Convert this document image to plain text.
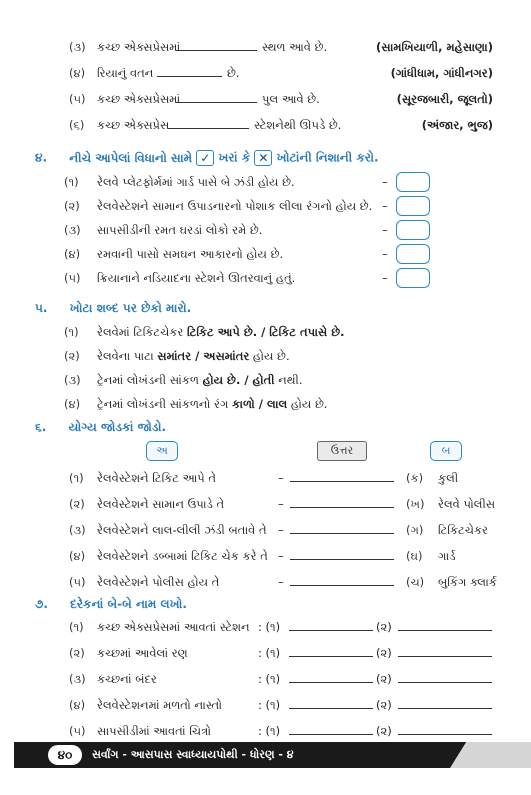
(૩) કચ્છ એક્સપ્રેસમાં	સ્થળ આવે છે.	(સામખિયાળી, મહેસાણા)
(૪) રિયાનું વતન	છે.	(ગાંધીધામ, ગાંધીનગર)
(૫) કચ્છ એક્સપ્રેસમાં	પુલ આવે છે.	(સૂરજબારી, જૂલતો)
(૬) કચ્છ એક્સપ્રેસ	સ્ટેશનેથી ઊપડે છે.	(અંજાર, ભુજ)
૪. નીચે આપેલાં વિધાનો સામે ✓ ખરાં કે ✕ ખોટાંની નિશાની કરો.
(૧) રેલવે પ્લેટફોર્મમાં ગાર્ડ પાસે બે ઝંડી હોય છે.	–
(૨) રેલવેસ્ટેશને સામાન ઉપાડનારનો પોશાક લીલા રંગનો હોય છે. –
(૩) સાપસીડીની રમત ઘરડાં લોકો રમે છે.	–
(૪) રમવાની પાસો સમઘન આકારનો હોય છે.	–
(૫) ક્રિયાનાને નડિયાદના સ્ટેશને ઊતરવાનું હતું.	–
૫. ખોટા શબ્દ પર છેકો મારો.
(૧) રેલવેમાં ટિકિટચેકર ટિકિટ આપે છે. / ટિકિટ તપાસે છે.
(૨) રેલવેના પાટા સમાંતર / અસમાંતર હોય છે.
(૩) ટ્રેનમાં લોખંડની સાંકળ હોય છે. / હોતી નથી.
(૪) ટ્રેનમાં લોખંડની સાંકળનો રંગ કાળો / લાલ હોય છે.
૬. યોગ્ય જોડકાં જોડો.
અ	ઉત્તર	બ
(૧) રેલવેસ્ટેશને ટિકિટ આપે તે	–	(ક) કુલી
(૨) રેલવેસ્ટેશને સામાન ઉપાડે તે	–	(ખ) રેલવે પોલીસ
(૩) રેલવેસ્ટેશને લાલ-લીલી ઝંડી બતાવે તે –	(ગ) ટિકિટચેકર
(૪) રેલવેસ્ટેશને ડબ્બામાં ટિકિટ ચેક કરે તે –	(ઘ) ગાર્ડ
(૫) રેલવેસ્ટેશને પોલીસ હોય તે	–	(ચ) બુકિંગ ક્લાર્ક
૭. દરેકનાં બે-બે નામ લખો.
(૧) કચ્છ એક્સપ્રેસમાં આવતાં સ્ટેશન : (૧)	(૨)
(૨) કચ્છમાં આવેલાં રણ	: (૧)	(૨)
(૩) કચ્છનાં બંદર	: (૧)	(૨)
(૪) રેલવેસ્ટેશનમાં મળતો નાસ્તો	: (૧)	(૨)
(૫) સાપસીડીમાં આવતાં ચિત્રો	: (૧)	(૨)
૪૦	સર્વાંગ - આસપાસ સ્વાધ્યાયપોથી - ધોરણ - ૪
